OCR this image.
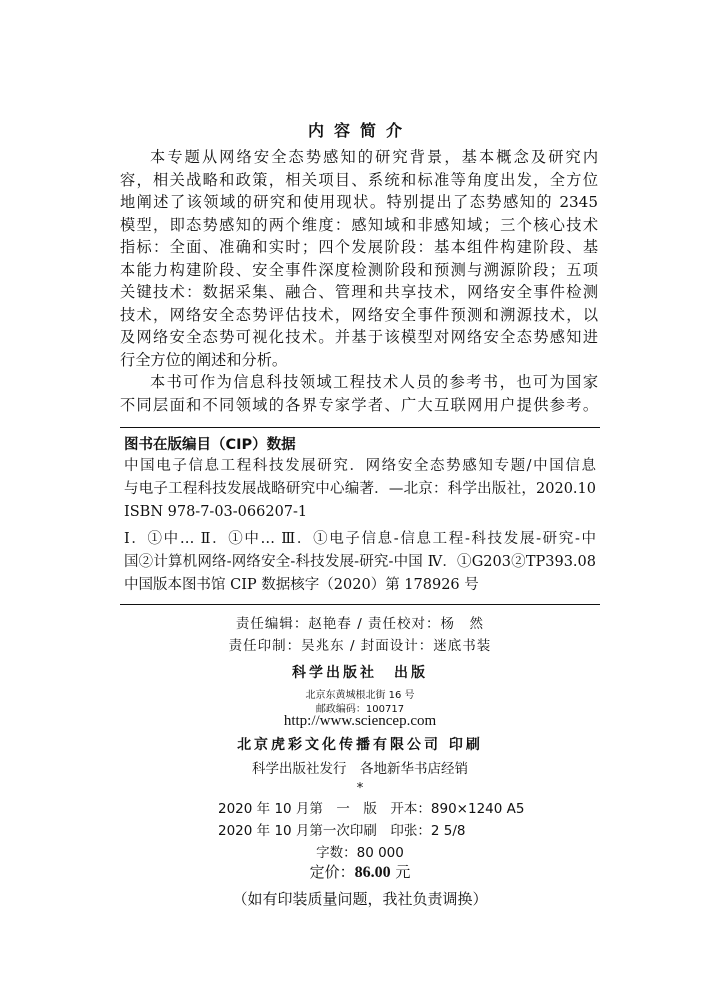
内容简介
本专题从网络安全态势感知的研究背景，基本概念及研究内
容，相关战略和政策，相关项目、系统和标准等角度出发，全方位
地阐述了该领域的研究和使用现状。特别提出了态势感知的 2345
模型，即态势感知的两个维度：感知域和非感知域；三个核心技术
指标：全面、准确和实时；四个发展阶段：基本组件构建阶段、基
本能力构建阶段、安全事件深度检测阶段和预测与溯源阶段；五项
关键技术：数据采集、融合、管理和共享技术，网络安全事件检测
技术，网络安全态势评估技术，网络安全事件预测和溯源技术，以
及网络安全态势可视化技术。并基于该模型对网络安全态势感知进
行全方位的阐述和分析。
本书可作为信息科技领域工程技术人员的参考书，也可为国家
不同层面和不同领域的各界专家学者、广大互联网用户提供参考。
图书在版编目（CIP）数据
中国电子信息工程科技发展研究．网络安全态势感知专题/中国信息
与电子工程科技发展战略研究中心编著．—北京：科学出版社，2020.10
ISBN 978-7-03-066207-1
Ⅰ．①中… Ⅱ．①中… Ⅲ．①电子信息-信息工程-科技发展-研究-中
国②计算机网络-网络安全-科技发展-研究-中国 Ⅳ．①G203②TP393.08
中国版本图书馆 CIP 数据核字（2020）第 178926 号
责任编辑：赵艳春 / 责任校对：杨　然
责任印制：吴兆东 / 封面设计：迷底书装
科学出版社　出版
北京东黄城根北街 16 号
邮政编码：100717
http://www.sciencep.com
北京虎彩文化传播有限公司 印刷
科学出版社发行　各地新华书店经销
*
2020 年 10 月第　一　版　开本：890×1240 A5
2020 年 10 月第一次印刷　印张：2 5/8
字数：80 000
定价：86.00 元
（如有印装质量问题，我社负责调换）
